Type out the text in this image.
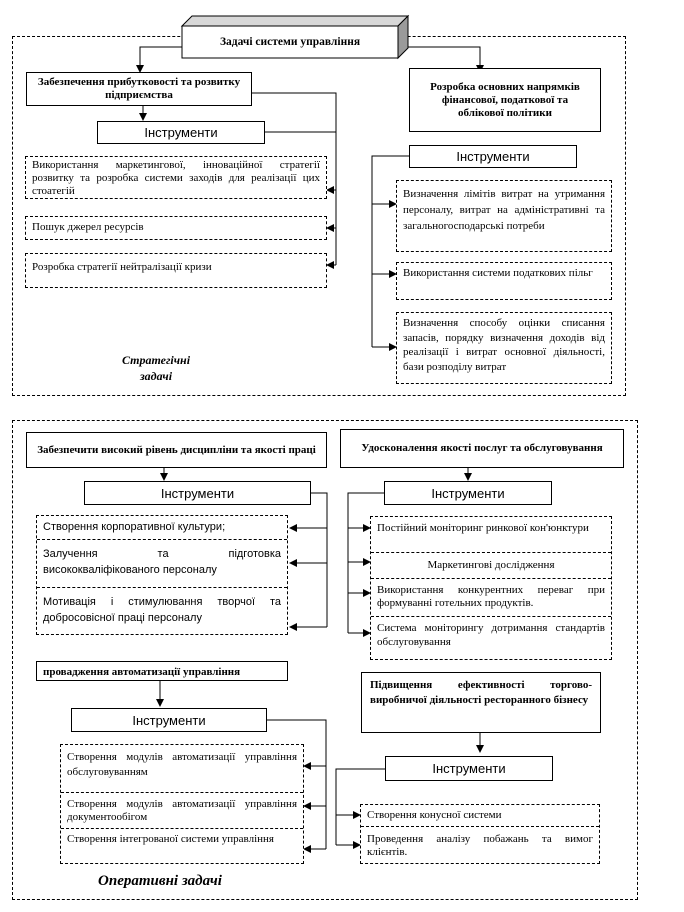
Задачі системи управління
Забезпечення прибутковості та розвитку підприємства
Інструменти
Використання маркетингової, інноваційної стратегії розвитку та розробка системи заходів для реалізації цих стоатегій
Пошук джерел ресурсів
Розробка стратегії нейтралізації кризи
Розробка основних напрямків фінансової, податкової та облікової політики
Інструменти
Визначення лімітів витрат на утримання персоналу, витрат на адміністративні та загальногосподарські потреби
Використання системи податкових пільг
Визначення способу оцінки списання запасів, порядку визначення доходів від реалізації і витрат основної діяльності, бази розподілу витрат
Стратегічні
задачі
Забезпечити високий рівень дисципліни та якості праці
Інструменти
Створення корпоративної культури;
Залучення та підготовка висококваліфікованого персоналу
Мотивація і стимулювання творчої та добросовісної праці персоналу
Удосконалення якості послуг та обслуговування
Інструменти
Постійний моніторинг ринкової кон'юнктури
Маркетингові дослідження
Використання конкурентних переваг при формуванні готельних продуктів.
Система моніторингу дотримання стандартів обслуговування
провадження автоматизації управління
Інструменти
Створення модулів автоматизації управління обслуговуванням
Створення модулів автоматизації управління документообігом
Створення інтегрованої системи управління
Підвищення ефективності торгово-виробничої діяльності ресторанного бізнесу
Інструменти
Створення конусної системи
Проведення аналізу побажань та вимог клієнтів.
Оперативні задачі
